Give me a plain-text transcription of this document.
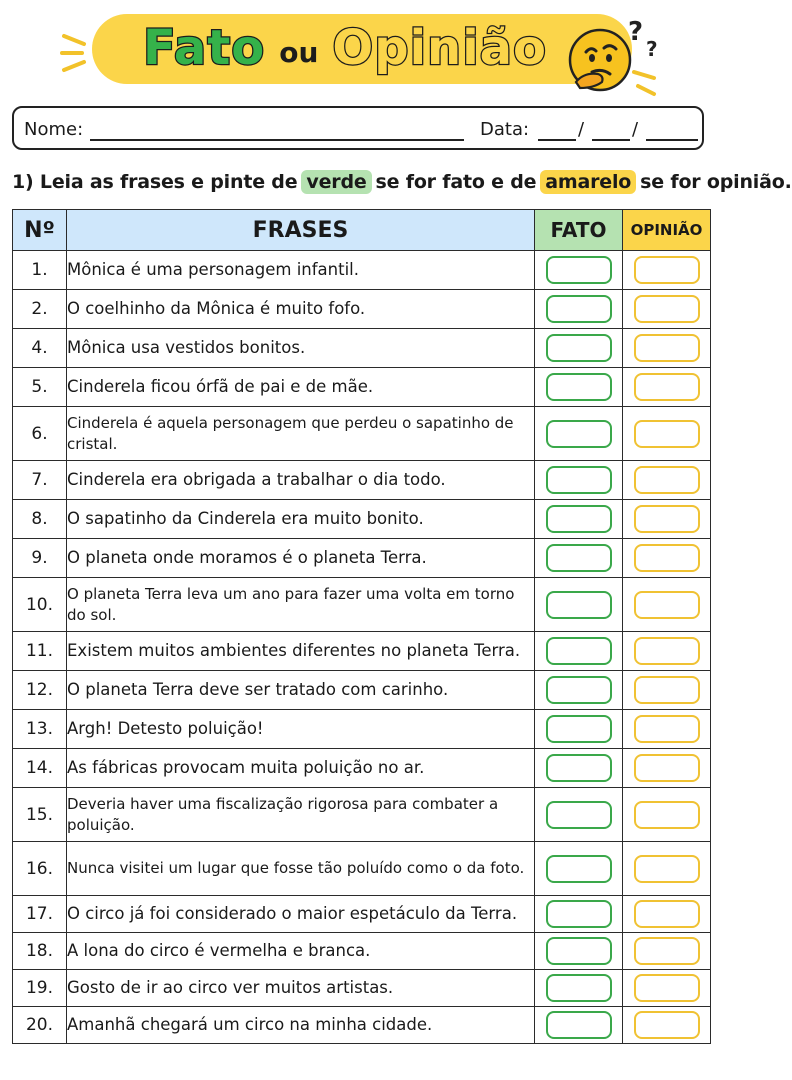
Fato ou Opinião	?
?
Nome:	Data:	/	/
1) Leia as frases e pinte de verde se for fato e de amarelo se for opinião.
Nº	FRASES	FATO	OPINIÃO
1.	Mônica é uma personagem infantil.		
2.	O coelhinho da Mônica é muito fofo.		
4.	Mônica usa vestidos bonitos.		
5.	Cinderela ficou órfã de pai e de mãe.		
6.	Cinderela é aquela personagem que perdeu o sapatinho de cristal.		
7.	Cinderela era obrigada a trabalhar o dia todo.		
8.	O sapatinho da Cinderela era muito bonito.		
9.	O planeta onde moramos é o planeta Terra.		
10.	O planeta Terra leva um ano para fazer uma volta em torno do sol.		
11.	Existem muitos ambientes diferentes no planeta Terra.		
12.	O planeta Terra deve ser tratado com carinho.		
13.	Argh! Detesto poluição!		
14.	As fábricas provocam muita poluição no ar.		
15.	Deveria haver uma fiscalização rigorosa para combater a poluição.		
16.	Nunca visitei um lugar que fosse tão poluído como o da foto.		
17.	O circo já foi considerado o maior espetáculo da Terra.		
18.	A lona do circo é vermelha e branca.		
19.	Gosto de ir ao circo ver muitos artistas.		
20.	Amanhã chegará um circo na minha cidade.		
